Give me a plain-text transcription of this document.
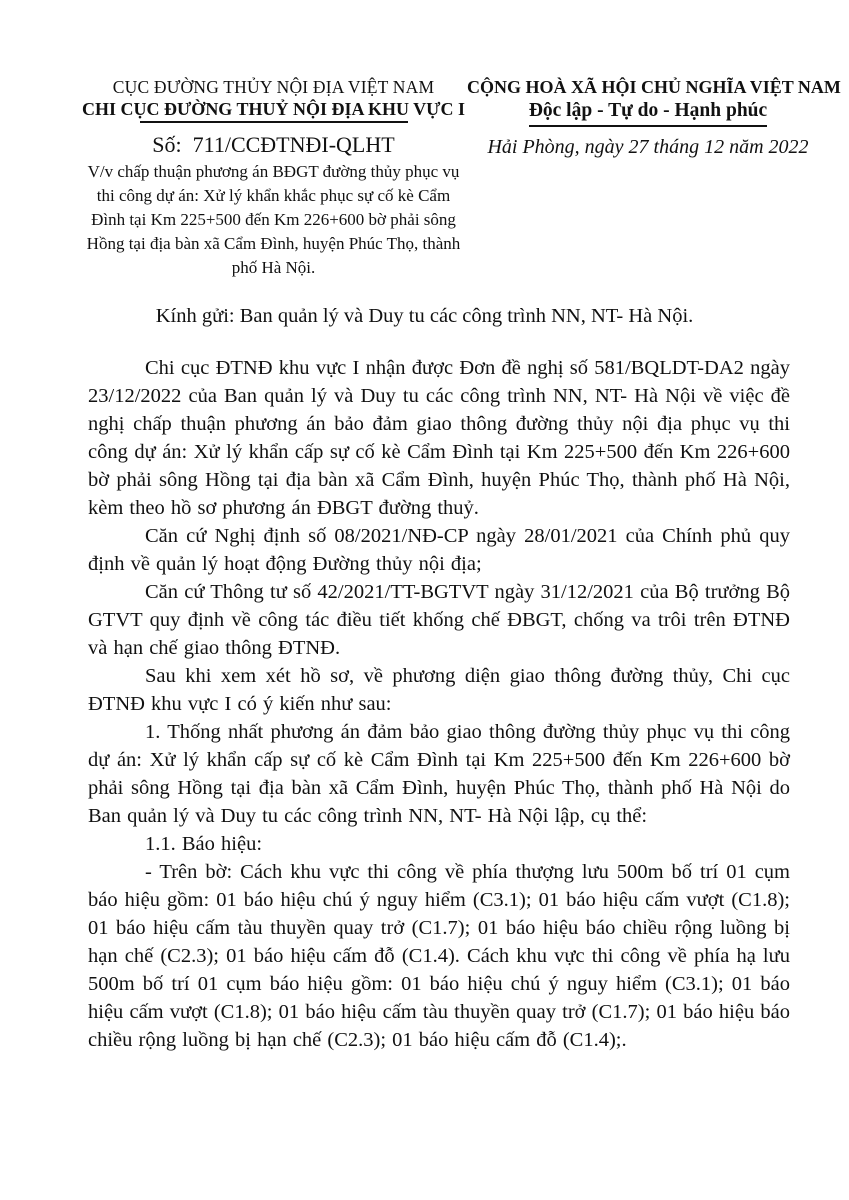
CỤC ĐƯỜNG THỦY NỘI ĐỊA VIỆT NAM
CHI CỤC ĐƯỜNG THUỶ NỘI ĐỊA KHU VỰC I
Số:  711/CCĐTNĐI-QLHT
V/v chấp thuận phương án BĐGT đường thủy phục vụ thi công dự án: Xử lý khẩn khắc phục sự cố kè Cẩm Đình tại Km 225+500 đến Km 226+600 bờ phải sông Hồng tại địa bàn xã Cẩm Đình, huyện Phúc Thọ, thành phố Hà Nội.
CỘNG HOÀ XÃ HỘI CHỦ NGHĨA VIỆT NAM
Độc lập - Tự do - Hạnh phúc
Hải Phòng, ngày 27 tháng 12 năm 2022
Kính gửi: Ban quản lý và Duy tu các công trình NN, NT- Hà Nội.

Chi cục ĐTNĐ khu vực I nhận được Đơn đề nghị số 581/BQLDT-DA2 ngày 23/12/2022 của Ban quản lý và Duy tu các công trình NN, NT- Hà Nội về việc đề nghị chấp thuận phương án bảo đảm giao thông đường thủy nội địa phục vụ thi công dự án: Xử lý khẩn cấp sự cố kè Cẩm Đình tại Km 225+500 đến Km 226+600 bờ phải sông Hồng tại địa bàn xã Cẩm Đình, huyện Phúc Thọ, thành phố Hà Nội, kèm theo hồ sơ phương án ĐBGT đường thuỷ.

Căn cứ Nghị định số 08/2021/NĐ-CP ngày 28/01/2021 của Chính phủ quy định về quản lý hoạt động Đường thủy nội địa;

Căn cứ Thông tư số 42/2021/TT-BGTVT ngày 31/12/2021 của Bộ trưởng Bộ GTVT quy định về công tác điều tiết khống chế ĐBGT, chống va trôi trên ĐTNĐ và hạn chế giao thông ĐTNĐ.

Sau khi xem xét hồ sơ, về phương diện giao thông đường thủy, Chi cục ĐTNĐ khu vực I có ý kiến như sau:

1. Thống nhất phương án đảm bảo giao thông đường thủy phục vụ thi công dự án: Xử lý khẩn cấp sự cố kè Cẩm Đình tại Km 225+500 đến Km 226+600 bờ phải sông Hồng tại địa bàn xã Cẩm Đình, huyện Phúc Thọ, thành phố Hà Nội do Ban quản lý và Duy tu các công trình NN, NT- Hà Nội lập, cụ thể:

1.1. Báo hiệu:

- Trên bờ: Cách khu vực thi công về phía thượng lưu 500m bố trí 01 cụm báo hiệu gồm: 01 báo hiệu chú ý nguy hiểm (C3.1); 01 báo hiệu cấm vượt (C1.8); 01 báo hiệu cấm tàu thuyền quay trở (C1.7); 01 báo hiệu báo chiều rộng luồng bị hạn chế (C2.3); 01 báo hiệu cấm đỗ (C1.4). Cách khu vực thi công về phía hạ lưu 500m bố trí 01 cụm báo hiệu gồm: 01 báo hiệu chú ý nguy hiểm (C3.1); 01 báo hiệu cấm vượt (C1.8); 01 báo hiệu cấm tàu thuyền quay trở (C1.7); 01 báo hiệu báo chiều rộng luồng bị hạn chế (C2.3); 01 báo hiệu cấm đỗ (C1.4);.
